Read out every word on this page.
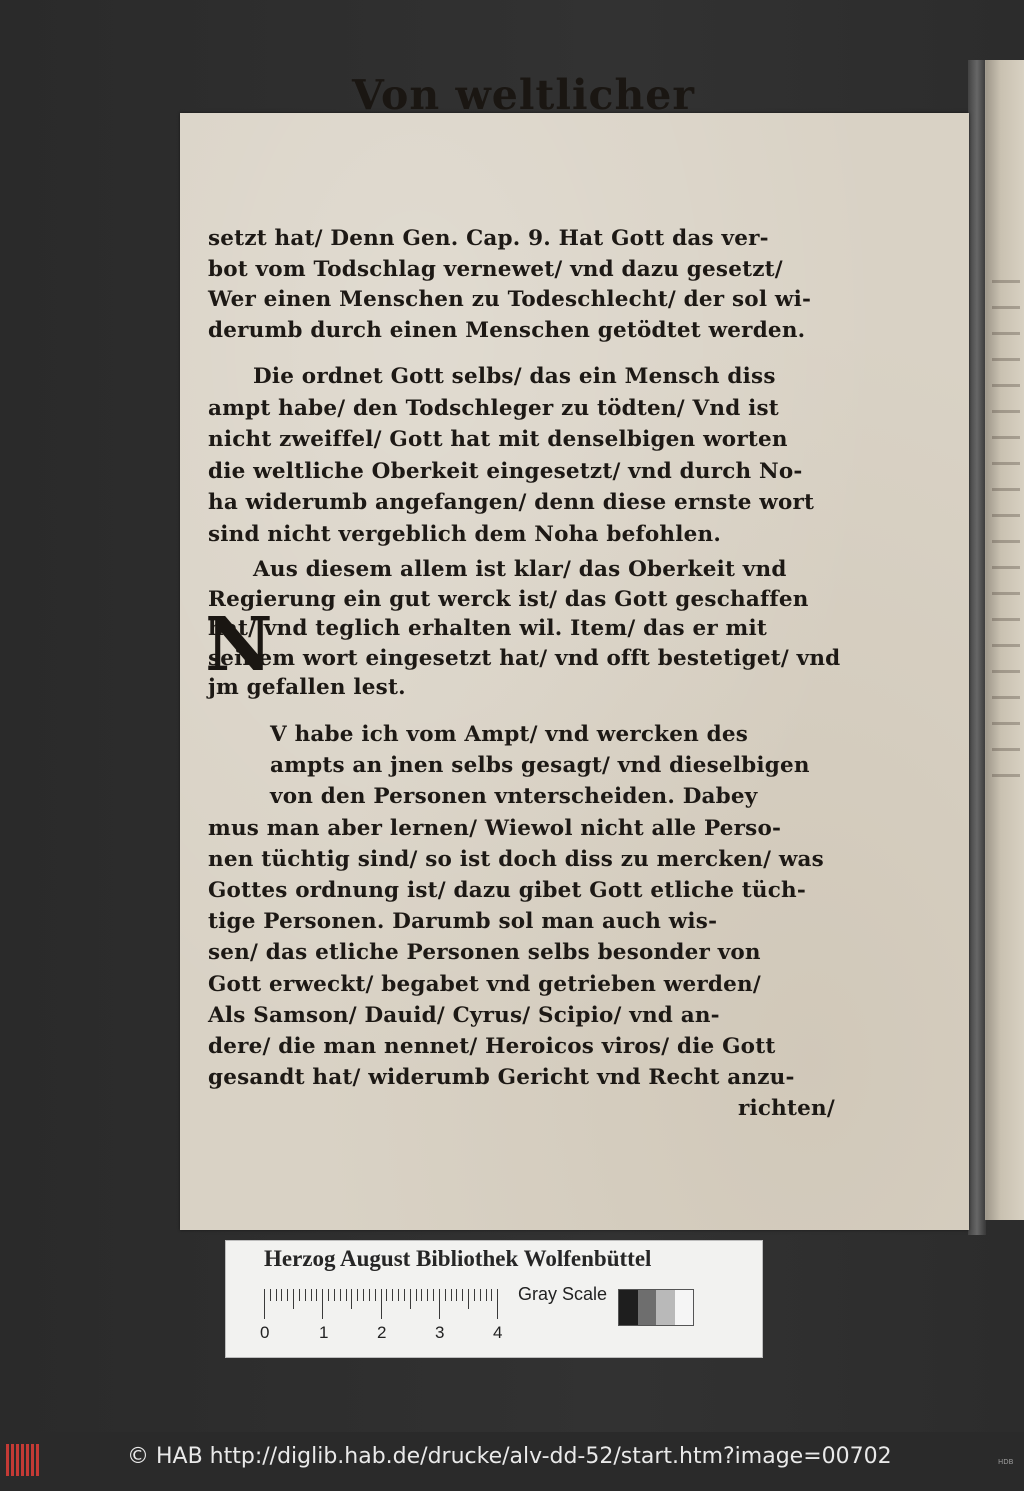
Von weltlicher
setzt hat/ Denn Gen. Cap. 9. Hat Gott das ver-
bot vom Todschlag vernewet/ vnd dazu gesetzt/
Wer einen Menschen zu Todeschlecht/ der sol wi-
derumb durch einen Menschen getödtet werden.
Die ordnet Gott selbs/ das ein Mensch diss
ampt habe/ den Todschleger zu tödten/ Vnd ist
nicht zweiffel/ Gott hat mit denselbigen worten
die weltliche Oberkeit eingesetzt/ vnd durch No-
ha widerumb angefangen/ denn diese ernste wort
sind nicht vergeblich dem Noha befohlen.
Aus diesem allem ist klar/ das Oberkeit vnd
Regierung ein gut werck ist/ das Gott geschaffen
hat/ vnd teglich erhalten wil. Item/ das er mit
seinem wort eingesetzt hat/ vnd offt bestetiget/ vnd
jm gefallen lest.
N
V habe ich vom Ampt/ vnd wercken des
ampts an jnen selbs gesagt/ vnd dieselbigen
von den Personen vnterscheiden. Dabey
mus man aber lernen/ Wiewol nicht alle Perso-
nen tüchtig sind/ so ist doch diss zu mercken/ was
Gottes ordnung ist/ dazu gibet Gott etliche tüch-
tige Personen. Darumb sol man auch wis-
sen/ das etliche Personen selbs besonder von
Gott erweckt/ begabet vnd getrieben werden/
Als Samson/ Dauid/ Cyrus/ Scipio/ vnd an-
dere/ die man nennet/ Heroicos viros/ die Gott
gesandt hat/ widerumb Gericht vnd Recht anzu-
richten/
Herzog August Bibliothek Wolfenbüttel
0	1	2	3	4
Gray Scale
© HAB http://diglib.hab.de/drucke/alv-dd-52/start.htm?image=00702	HDB
